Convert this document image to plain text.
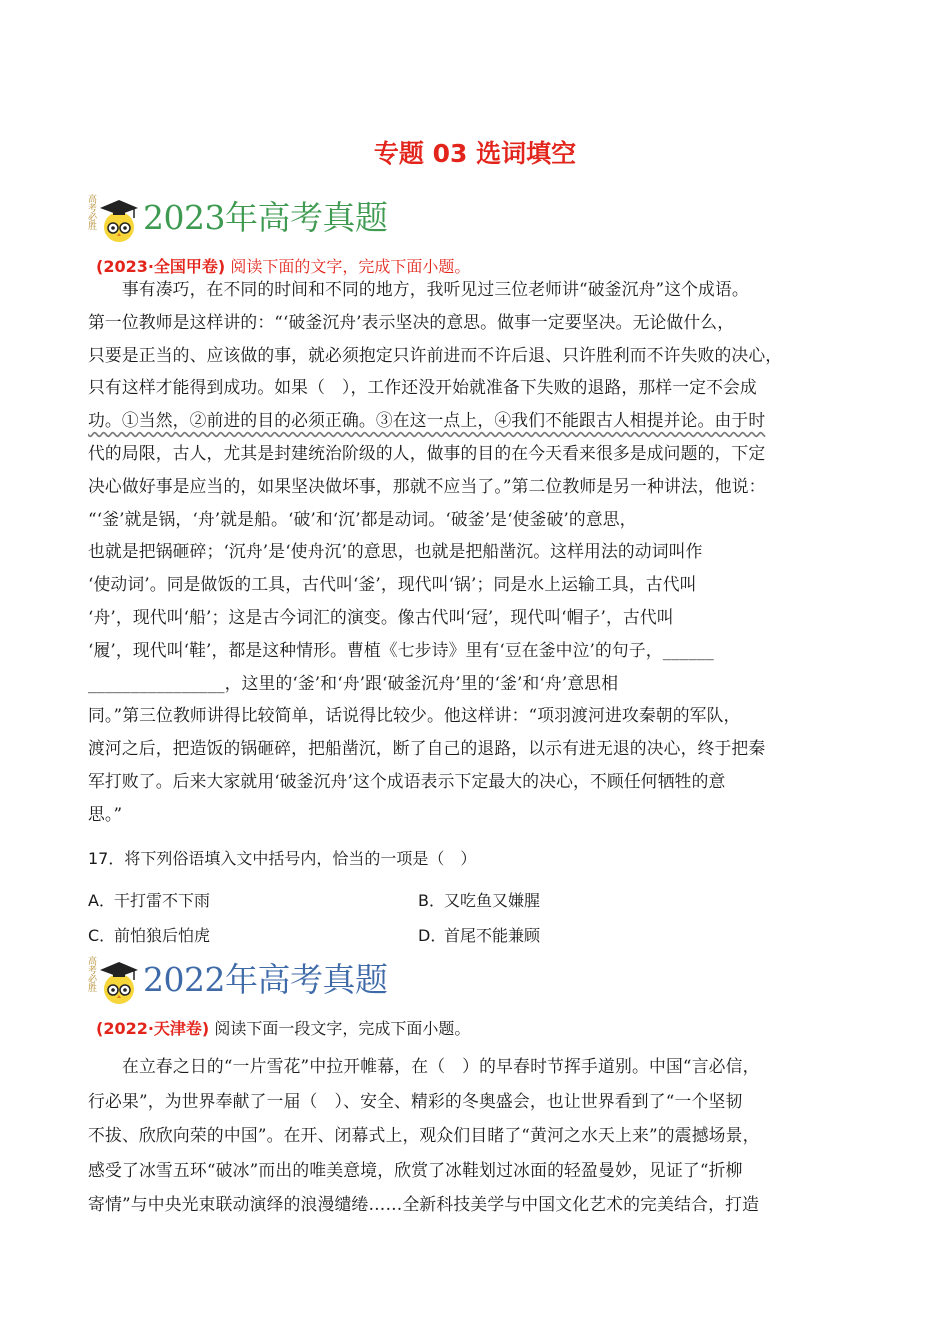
专题 03 选词填空
高考必胜 2023年高考真题
(2023·全国甲卷) 阅读下面的文字，完成下面小题。
　　事有凑巧，在不同的时间和不同的地方，我听见过三位老师讲“破釜沉舟”这个成语。
第一位教师是这样讲的：“‘破釜沉舟’表示坚决的意思。做事一定要坚决。无论做什么，
只要是正当的、应该做的事，就必须抱定只许前进而不许后退、只许胜利而不许失败的决心，
只有这样才能得到成功。如果（　），工作还没开始就准备下失败的退路，那样一定不会成
功。①当然，②前进的目的必须正确。③在这一点上，④我们不能跟古人相提并论。由于时
代的局限，古人，尤其是封建统治阶级的人，做事的目的在今天看来很多是成问题的，下定
决心做好事是应当的，如果坚决做坏事，那就不应当了。”第二位教师是另一种讲法，他说：
“‘釜’就是锅，‘舟’就是船。‘破’和‘沉’都是动词。‘破釜’是‘使釜破’的意思，
也就是把锅砸碎；‘沉舟’是‘使舟沉’的意思，也就是把船凿沉。这样用法的动词叫作
‘使动词’。同是做饭的工具，古代叫‘釜’，现代叫‘锅’；同是水上运输工具，古代叫
‘舟’，现代叫‘船’；这是古今词汇的演变。像古代叫‘冠’，现代叫‘帽子’，古代叫
‘履’，现代叫‘鞋’，都是这种情形。曹植《七步诗》里有‘豆在釜中泣’的句子，______
________________，这里的‘釜’和‘舟’跟‘破釜沉舟’里的‘釜’和‘舟’意思相
同。”第三位教师讲得比较简单，话说得比较少。他这样讲：“项羽渡河进攻秦朝的军队，
渡河之后，把造饭的锅砸碎，把船凿沉，断了自己的退路，以示有进无退的决心，终于把秦
军打败了。后来大家就用‘破釜沉舟’这个成语表示下定最大的决心，不顾任何牺牲的意
思。”
17．将下列俗语填入文中括号内，恰当的一项是（　）
A．干打雷不下雨	B．又吃鱼又嫌腥
C．前怕狼后怕虎	D．首尾不能兼顾
高考必胜 2022年高考真题
(2022·天津卷) 阅读下面一段文字，完成下面小题。
　　在立春之日的“一片雪花”中拉开帷幕，在（　）的早春时节挥手道别。中国“言必信，
行必果”，为世界奉献了一届（　）、安全、精彩的冬奥盛会，也让世界看到了“一个坚韧
不拔、欣欣向荣的中国”。在开、闭幕式上，观众们目睹了“黄河之水天上来”的震撼场景，
感受了冰雪五环“破冰”而出的唯美意境，欣赏了冰鞋划过冰面的轻盈曼妙，见证了“折柳
寄情”与中央光束联动演绎的浪漫缱绻……全新科技美学与中国文化艺术的完美结合，打造
